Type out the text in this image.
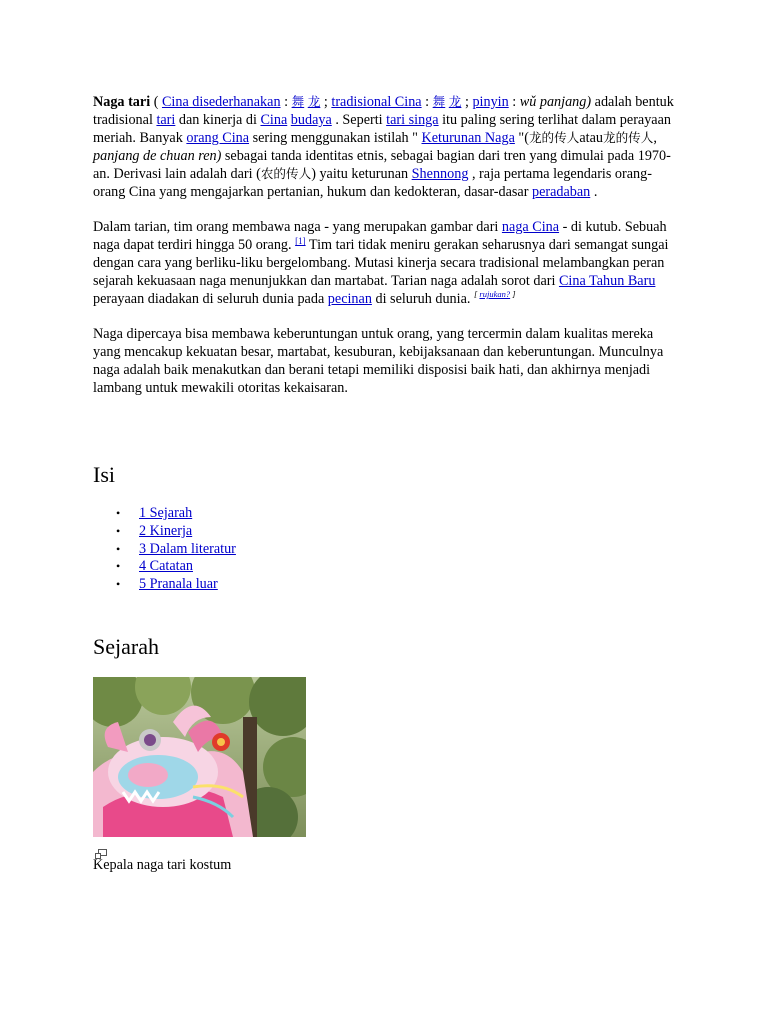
Naga tari ( Cina disederhanakan : 舞 龙 ; tradisional Cina : 舞 龙 ; pinyin : wǔ panjang) adalah bentuk tradisional tari dan kinerja di Cina budaya . Seperti tari singa itu paling sering terlihat dalam perayaan meriah. Banyak orang Cina sering menggunakan istilah " Keturunan Naga "(龙的传人atau龙的传人, panjang de chuan ren) sebagai tanda identitas etnis, sebagai bagian dari tren yang dimulai pada 1970-an. Derivasi lain adalah dari (农的传人) yaitu keturunan Shennong , raja pertama legendaris orang-orang Cina yang mengajarkan pertanian, hukum dan kedokteran, dasar-dasar peradaban .

Dalam tarian, tim orang membawa naga - yang merupakan gambar dari naga Cina - di kutub. Sebuah naga dapat terdiri hingga 50 orang. [1] Tim tari tidak meniru gerakan seharusnya dari semangat sungai dengan cara yang berliku-liku bergelombang. Mutasi kinerja secara tradisional melambangkan peran sejarah kekuasaan naga menunjukkan dan martabat. Tarian naga adalah sorot dari Cina Tahun Baru perayaan diadakan di seluruh dunia pada pecinan di seluruh dunia. [ rujukan? ]

Naga dipercaya bisa membawa keberuntungan untuk orang, yang tercermin dalam kualitas mereka yang mencakup kekuatan besar, martabat, kesuburan, kebijaksanaan dan keberuntungan. Munculnya naga adalah baik menakutkan dan berani tetapi memiliki disposisi baik hati, dan akhirnya menjadi lambang untuk mewakili otoritas kekaisaran.

Isi
• 1 Sejarah
• 2 Kinerja
• 3 Dalam literatur
• 4 Catatan
• 5 Pranala luar
Sejarah

Kepala naga tari kostum
